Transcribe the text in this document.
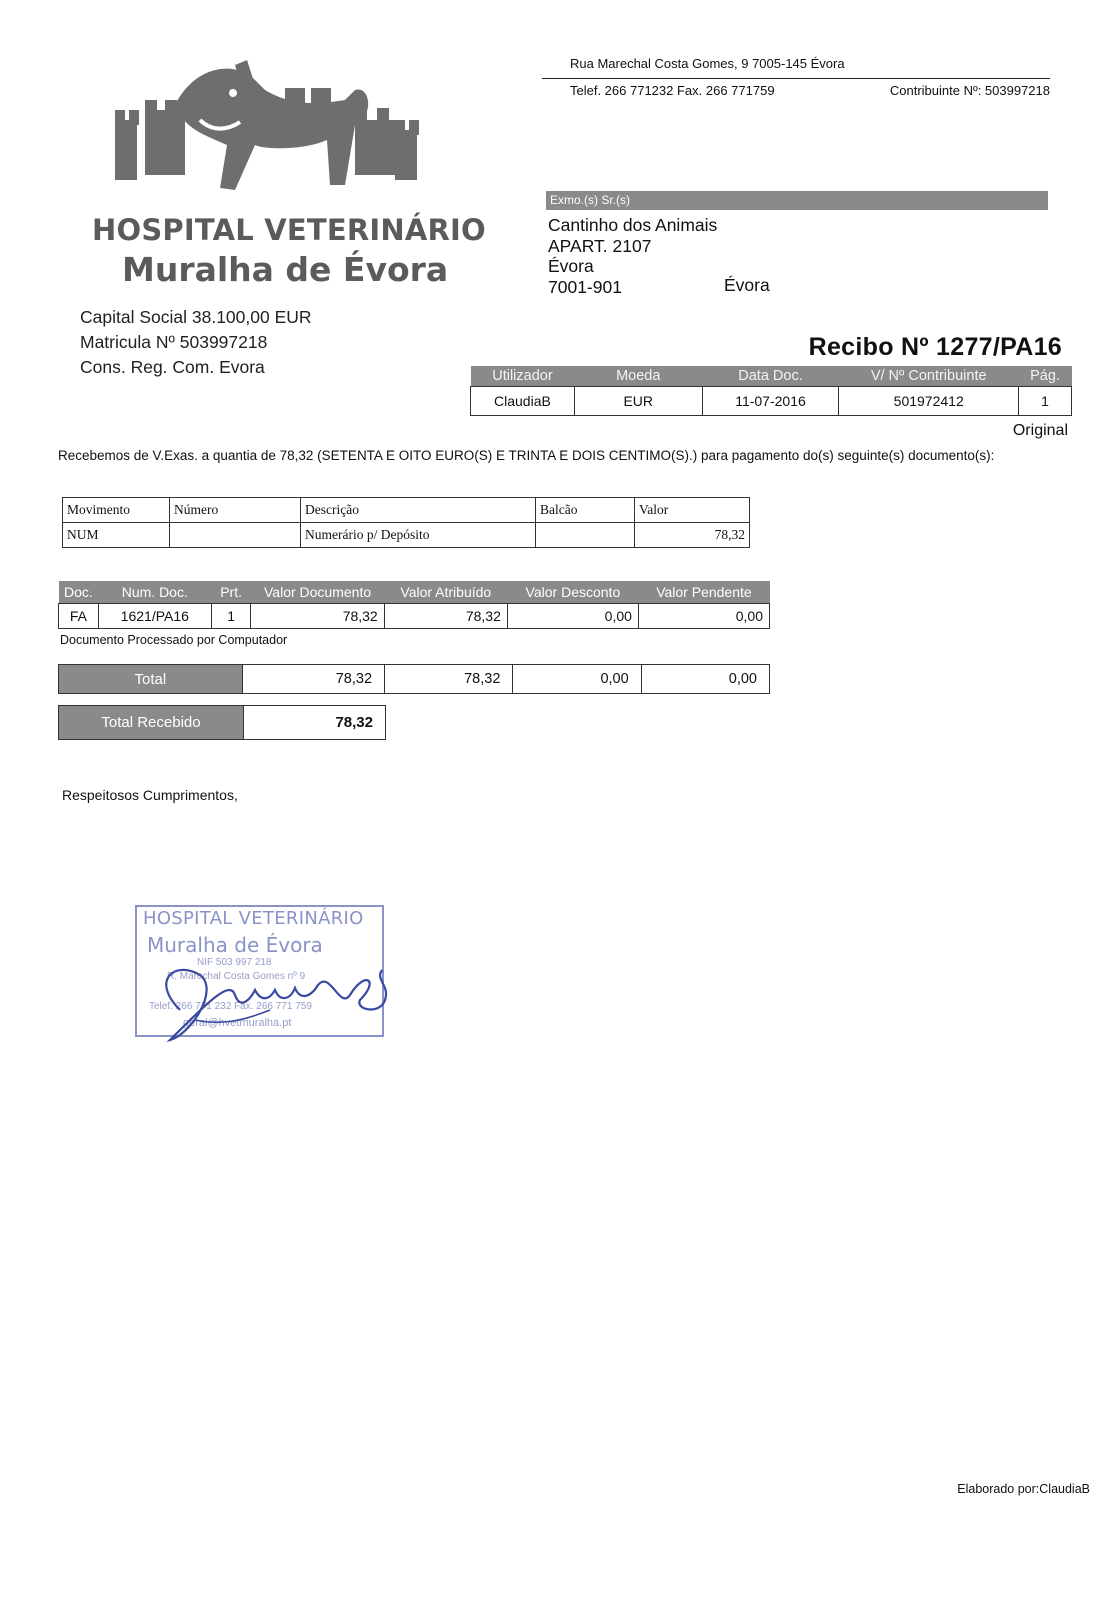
HOSPITAL VETERINÁRIO
Muralha de Évora
Capital Social 38.100,00 EUR
Matricula Nº 503997218
Cons. Reg. Com. Evora
Rua Marechal Costa Gomes, 9 7005-145 Évora
Telef. 266 771232 Fax. 266 771759	Contribuinte Nº: 503997218
Exmo.(s) Sr.(s)
Cantinho dos Animais
APART. 2107
Évora
7001-901	Évora
Recibo Nº 1277/PA16
Utilizador	Moeda	Data Doc.	V/ Nº Contribuinte	Pág.
ClaudiaB	EUR	11-07-2016	501972412	1
Original
Recebemos de V.Exas. a quantia de 78,32 (SETENTA E OITO EURO(S) E TRINTA E DOIS CENTIMO(S).) para pagamento do(s) seguinte(s) documento(s):
Movimento	Número	Descrição	Balcão	Valor
NUM		Numerário p/ Depósito		78,32
Doc.	Num. Doc.	Prt.	Valor Documento	Valor Atribuído	Valor Desconto	Valor Pendente
FA	1621/PA16	1	78,32	78,32	0,00	0,00
Documento Processado por Computador
Total	78,32	78,32	0,00	0,00
Total Recebido	78,32
Respeitosos Cumprimentos,
HOSPITAL VETERINÁRIO
Muralha de Évora
NIF 503 997 218
R. Marechal Costa Gomes nº 9
Telef. 266 771 232 Fax. 266 771 759
geral@hvetmuralha.pt
Elaborado por:ClaudiaB
